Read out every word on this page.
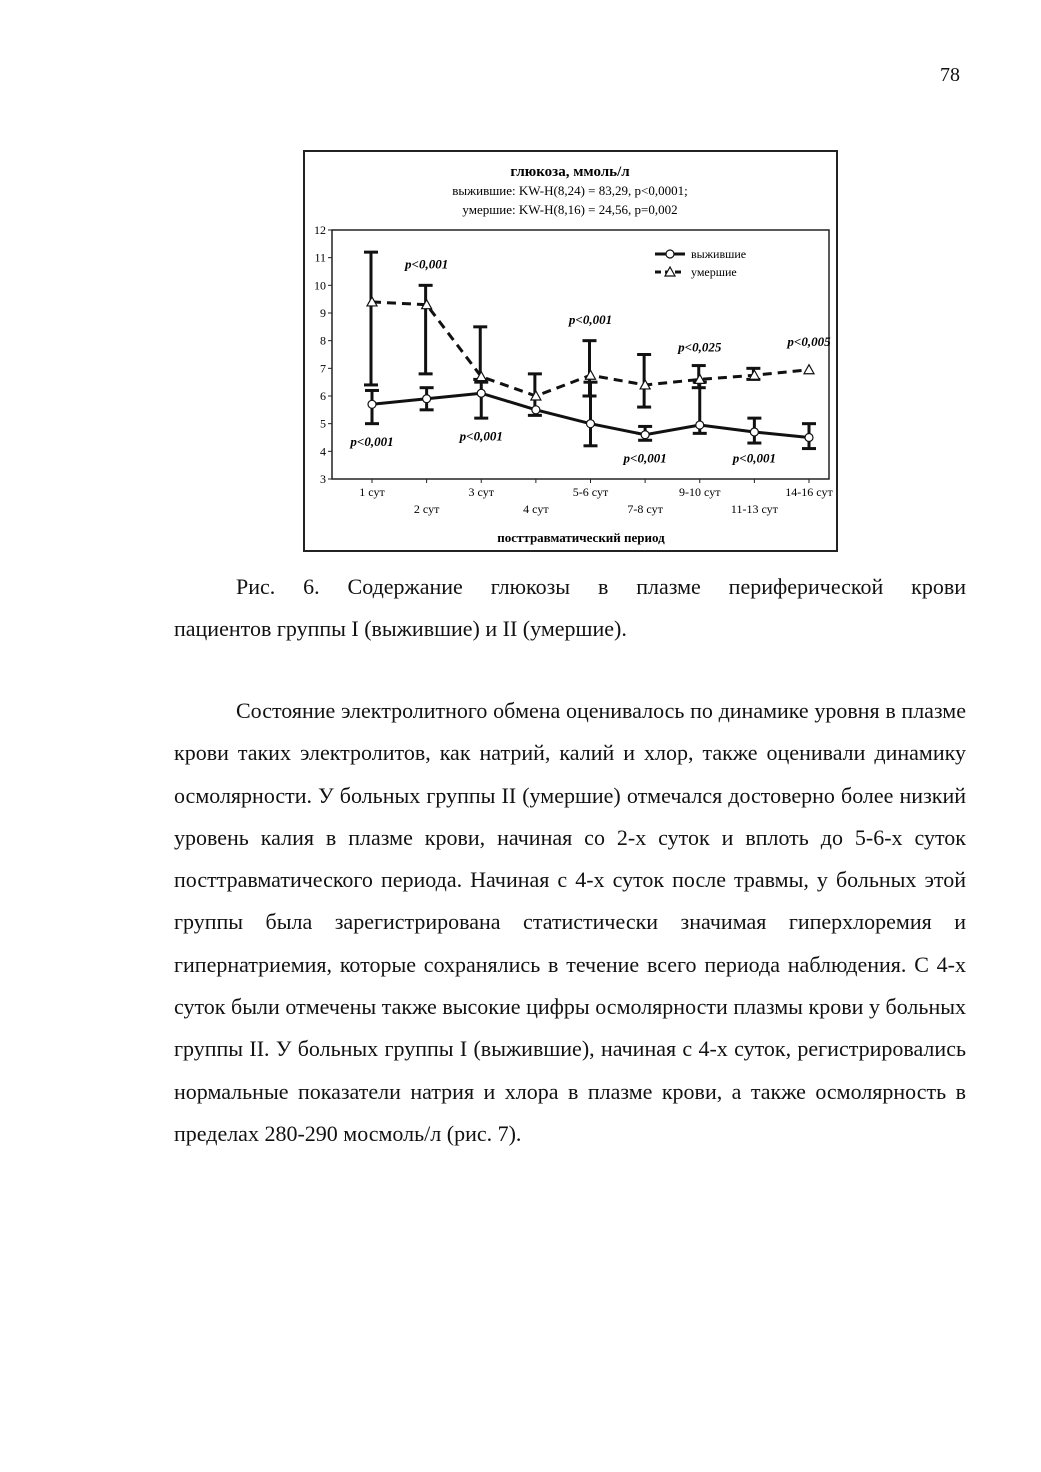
78
глюкоза, ммоль/л
выжившие: KW-H(8,24) = 83,29, p<0,0001;
умершие: KW-H(8,16) = 24,56, p=0,002
3
4
5
6
7
8
9
10
11
12
1 сут
2 сут
3 сут
4 сут
5-6 сут
7-8 сут
9-10 сут
11-13 сут
14-16 сут
посттравматический период
выжившие
умершие
p<0,001
p<0,001
p<0,001
p<0,001
p<0,001
p<0,025
p<0,001
p<0,005
Рис. 6. Содержание глюкозы в плазме периферической крови
пациентов группы I (выжившие) и II (умершие).

Состояние электролитного обмена оценивалось по динамике уровня в плазме крови таких электролитов, как натрий, калий и хлор, также оценивали динамику осмолярности. У больных группы II (умершие) отмечался достоверно более низкий уровень калия в плазме крови, начиная со 2-х суток и вплоть до 5-6-х суток посттравматического периода. Начиная с 4-х суток после травмы, у больных этой группы была зарегистрирована статистически значимая гиперхлоремия и гипернатриемия, которые сохранялись в течение всего периода наблюдения. С 4-х суток были отмечены также высокие цифры осмолярности плазмы крови у больных группы II. У больных группы I (выжившие), начиная с 4-х суток, регистрировались нормальные показатели натрия и хлора в плазме крови, а также осмолярность в пределах 280-290 мосмоль/л (рис. 7).
